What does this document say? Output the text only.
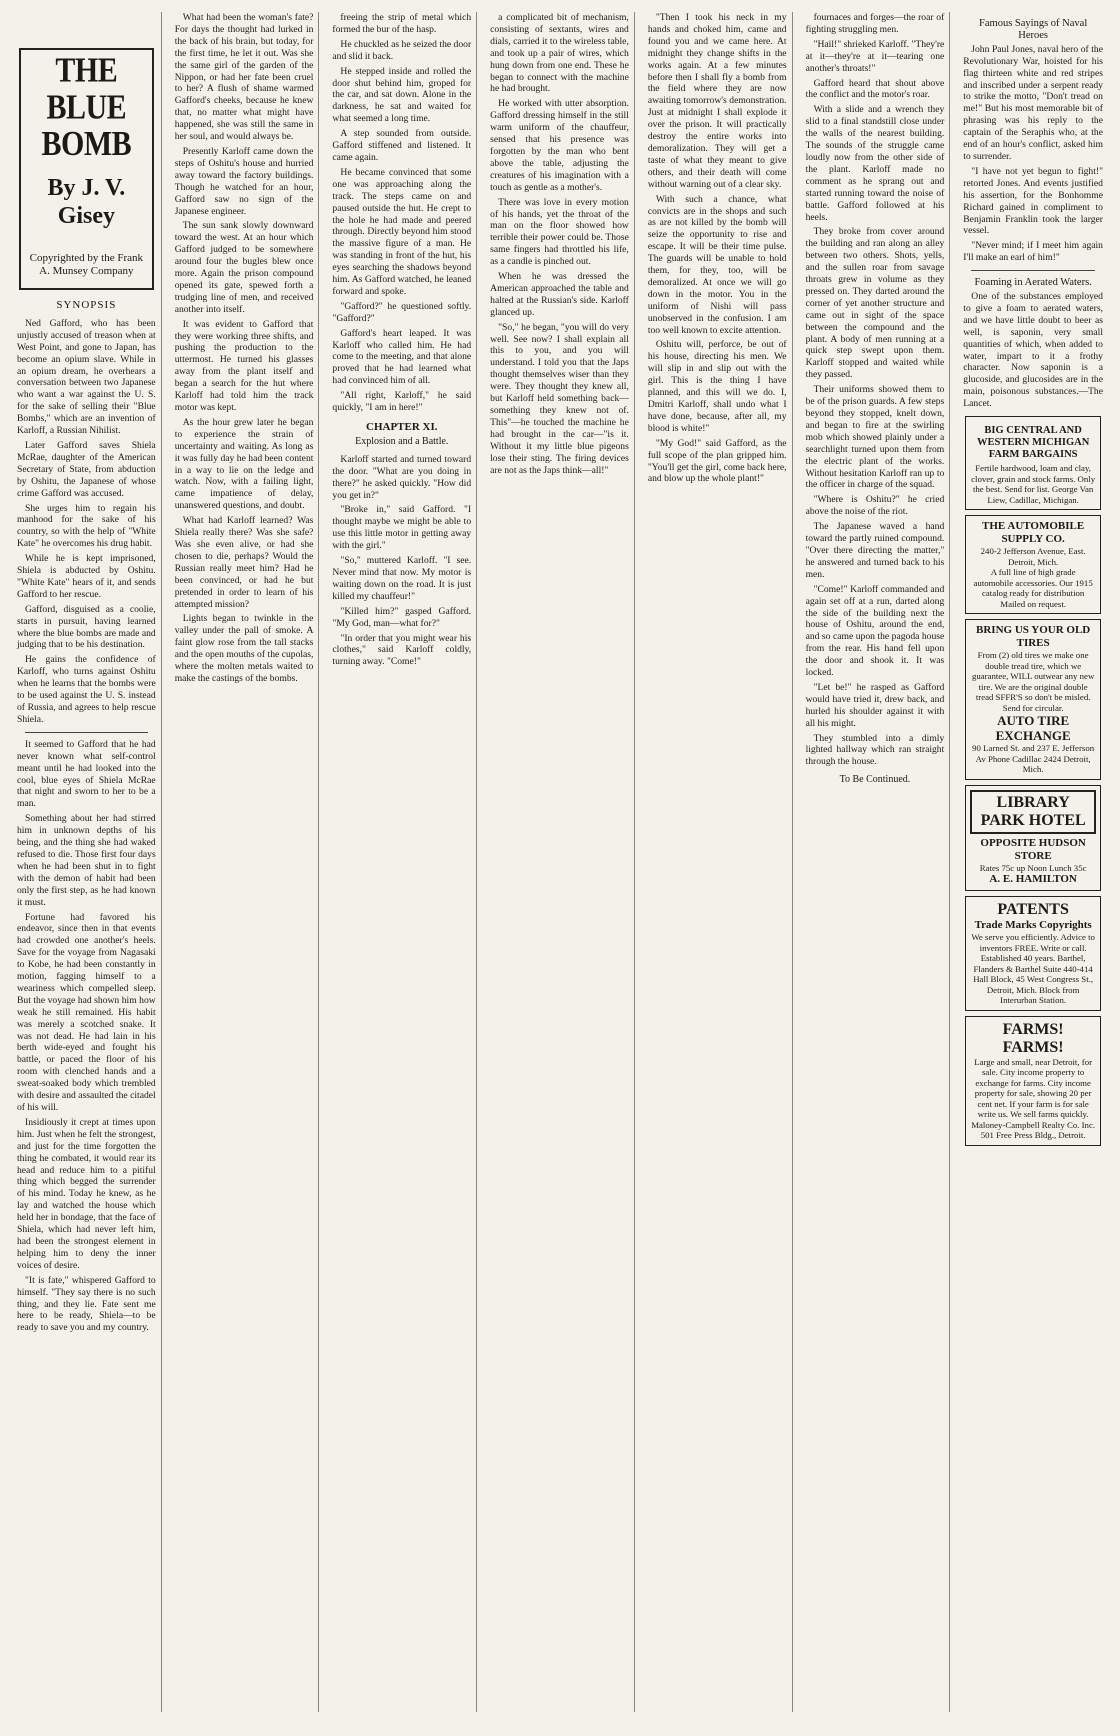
THE BLUE BOMB
By J. V. Gisey
Copyrighted by the Frank A. Munsey Company
SYNOPSIS

Ned Gafford, who has been unjustly accused of treason when at West Point, and gone to Japan, has become an opium slave. While in an opium dream, he overhears a conversation between two Japanese who want a war against the U. S. for the sake of selling their "Blue Bombs," which are an invention of Karloff, a Russian Nihilist.

Later Gafford saves Shiela McRae, daughter of the American Secretary of State, from abduction by Oshitu, the Japanese of whose crime Gafford was accused.

She urges him to regain his manhood for the sake of his country, so with the help of "White Kate" he overcomes his drug habit.

While he is kept imprisoned, Shiela is abducted by Oshitu. "White Kate" hears of it, and sends Gafford to her rescue.

Gafford, disguised as a coolie, starts in pursuit, having learned where the blue bombs are made and judging that to be his destination.

He gains the confidence of Karloff, who turns against Oshitu when he learns that the bombs were to be used against the U. S. instead of Russia, and agrees to help rescue Shiela.

It seemed to Gafford that he had never known what self-control meant until he had looked into the cool, blue eyes of Shiela McRae that night and sworn to her to be a man.

Something about her had stirred him in unknown depths of his being, and the thing she had waked refused to die. Those first four days when he had been shut in to fight with the demon of habit had been only the first step, as he had known it must.

Fortune had favored his endeavor, since then in that events had crowded one another's heels. Save for the voyage from Nagasaki to Kobe, he had been constantly in motion, fagging himself to a weariness which compelled sleep. But the voyage had shown him how weak he still remained. His habit was merely a scotched snake. It was not dead. He had lain in his berth wide-eyed and fought his battle, or paced the floor of his room with clenched hands and a sweat-soaked body which trembled with desire and assaulted the citadel of his will.

Insidiously it crept at times upon him. Just when he felt the strongest, and just for the time forgotten the thing he combated, it would rear its head and reduce him to a pitiful thing which begged the surrender of his mind. Today he knew, as he lay and watched the house which held her in bondage, that the face of Shiela, which had never left him, had been the strongest element in helping him to deny the inner voices of desire.

"It is fate," whispered Gafford to himself. "They say there is no such thing, and they lie. Fate sent me here to be ready, Shiela—to be ready to save you and my country.

What had been the woman's fate? For days the thought had lurked in the back of his brain, but today, for the first time, he let it out. Was she the same girl of the garden of the Nippon, or had her fate been cruel to her? A flush of shame warmed Gafford's cheeks, because he knew that, no matter what might have happened, she was still the same in her soul, and would always be.

Presently Karloff came down the steps of Oshitu's house and hurried away toward the factory buildings. Though he watched for an hour, Gafford saw no sign of the Japanese engineer.

The sun sank slowly downward toward the west. At an hour which Gafford judged to be somewhere around four the bugles blew once more. Again the prison compound opened its gate, spewed forth a trudging line of men, and received another into itself.

It was evident to Gafford that they were working three shifts, and pushing the production to the uttermost. He turned his glasses away from the plant itself and began a search for the hut where Karloff had told him the track motor was kept.

As the hour grew later he began to experience the strain of uncertainty and waiting. As long as it was fully day he had been content in a way to lie on the ledge and watch. Now, with a failing light, came impatience of delay, unanswered questions, and doubt.

What had Karloff learned? Was Shiela really there? Was she safe? Was she even alive, or had she chosen to die, perhaps? Would the Russian really meet him? Had he been convinced, or had he but pretended in order to learn of his attempted mission?

Lights began to twinkle in the valley under the pall of smoke. A faint glow rose from the tall stacks and the open mouths of the cupolas, where the molten metals waited to make the castings of the bombs.

freeing the strip of metal which formed the bur of the hasp.

He chuckled as he seized the door and slid it back.

He stepped inside and rolled the door shut behind him, groped for the car, and sat down. Alone in the darkness, he sat and waited for what seemed a long time.

A step sounded from outside. Gafford stiffened and listened. It came again.

He became convinced that some one was approaching along the track. The steps came on and paused outside the hut. He crept to the hole he had made and peered through. Directly beyond him stood the massive figure of a man. He was standing in front of the hut, his eyes searching the shadows beyond him. As Gafford watched, he leaned forward and spoke.

"Gafford?" he questioned softly. "Gafford?"

Gafford's heart leaped. It was Karloff who called him. He had come to the meeting, and that alone proved that he had learned what had convinced him of all.

"All right, Karloff," he said quickly, "I am in here!"

CHAPTER XI.
Explosion and a Battle.

Karloff started and turned toward the door. "What are you doing in there?" he asked quickly. "How did you get in?"

"Broke in," said Gafford. "I thought maybe we might be able to use this little motor in getting away with the girl."

"So," muttered Karloff. "I see. Never mind that now. My motor is waiting down on the road. It is just killed my chauffeur!"

"Killed him?" gasped Gafford. "My God, man—what for?"

"In order that you might wear his clothes," said Karloff coldly, turning away. "Come!"

a complicated bit of mechanism, consisting of sextants, wires and dials, carried it to the wireless table, and took up a pair of wires, which hung down from one end. These he began to connect with the machine he had brought.

He worked with utter absorption. Gafford dressing himself in the still warm uniform of the chauffeur, sensed that his presence was forgotten by the man who bent above the table, adjusting the creatures of his imagination with a touch as gentle as a mother's.

There was love in every motion of his hands, yet the throat of the man on the floor showed how terrible their power could be. Those same fingers had throttled his life, as a candle is pinched out.

When he was dressed the American approached the table and halted at the Russian's side. Karloff glanced up.

"So," he began, "you will do very well. See now? I shall explain all this to you, and you will understand. I told you that the Japs thought themselves wiser than they were. They thought they knew all, but Karloff held something back—something they knew not of. This"—he touched the machine he had brought in the car—"is it. Without it my little blue pigeons lose their sting. The firing devices are not as the Japs think—all!"

"Then I took his neck in my hands and choked him, came and found you and we came here. At midnight they change shifts in the works again. At a few minutes before then I shall fly a bomb from the field where they are now awaiting tomorrow's demonstration. Just at midnight I shall explode it over the prison. It will practically destroy the entire works into demoralization. They will get a taste of what they meant to give others, and their death will come without warning out of a clear sky.

With such a chance, what convicts are in the shops and such as are not killed by the bomb will seize the opportunity to rise and escape. It will be their time pulse. The guards will be unable to hold them, for they, too, will be demoralized. At once we will go down in the motor. You in the uniform of Nishi will pass unobserved in the confusion. I am too well known to excite attention.

Oshitu will, perforce, be out of his house, directing his men. We will slip in and slip out with the girl. This is the thing I have planned, and this will we do. I, Dmitri Karloff, shall undo what I have done, because, after all, my blood is white!"

"My God!" said Gafford, as the full scope of the plan gripped him. "You'll get the girl, come back here, and blow up the whole plant!"

fournaces and forges—the roar of fighting struggling men.

"Hail!" shrieked Karloff. "They're at it—they're at it—tearing one another's throats!"

Gafford heard that shout above the conflict and the motor's roar.

With a slide and a wrench they slid to a final standstill close under the walls of the nearest building. The sounds of the struggle came loudly now from the other side of the plant. Karloff made no comment as he sprang out and started running toward the noise of battle. Gafford followed at his heels.

They broke from cover around the building and ran along an alley between two others. Shots, yells, and the sullen roar from savage throats grew in volume as they pressed on. They darted around the corner of yet another structure and came out in sight of the space between the compound and the plant. A body of men running at a quick step swept upon them. Karloff stopped and waited while they passed.

Their uniforms showed them to be of the prison guards. A few steps beyond they stopped, knelt down, and began to fire at the swirling mob which showed plainly under a searchlight turned upon them from the electric plant of the works. Without hesitation Karloff ran up to the officer in charge of the squad.

"Where is Oshitu?" he cried above the noise of the riot.

The Japanese waved a hand toward the partly ruined compound. "Over there directing the matter," he answered and turned back to his men.

"Come!" Karloff commanded and again set off at a run, darted along the side of the building next the house of Oshitu, around the end, and so came upon the pagoda house from the rear. His hand fell upon the door and shook it. It was locked.

"Let be!" he rasped as Gafford would have tried it, drew back, and hurled his shoulder against it with all his might.

They stumbled into a dimly lighted hallway which ran straight through the house.

To Be Continued.
Famous Sayings of Naval Heroes

John Paul Jones, naval hero of the Revolutionary War, hoisted for his flag thirteen white and red stripes and inscribed under a serpent ready to strike the motto, "Don't tread on me!" But his most memorable bit of phrasing was his reply to the captain of the Seraphis who, at the end of an hour's conflict, asked him to surrender.

"I have not yet begun to fight!" retorted Jones. And events justified his assertion, for the Bonhomme Richard gained in compliment to Benjamin Franklin took the larger vessel.

"Never mind; if I meet him again I'll make an earl of him!"

Foaming in Aerated Waters.

One of the substances employed to give a foam to aerated waters, and we have little doubt to beer as well, is saponin, very small quantities of which, when added to water, impart to it a frothy character. Now saponin is a glucoside, and glucosides are in the main, poisonous substances.—The Lancet.

BIG CENTRAL AND WESTERN MICHIGAN FARM BARGAINS
Fertile hardwood, loam and clay, clover, grain and stock farms. Only the best. Send for list. George Van Liew, Cadillac, Michigan.
THE AUTOMOBILE SUPPLY CO.
240-2 Jefferson Avenue, East. Detroit, Mich.
A full line of high grade automobile accessories. Our 1915 catalog ready for distribution Mailed on request.
BRING US YOUR OLD TIRES
From (2) old tires we make one double tread tire, which we guarantee, WILL outwear any new tire. We are the original double tread SFFR'S so don't be misled. Send for circular.
AUTO TIRE EXCHANGE
90 Larned St. and 237 E. Jefferson Av Phone Cadillac 2424 Detroit, Mich.
LIBRARY PARK HOTEL
OPPOSITE HUDSON STORE
Rates 75c up Noon Lunch 35c
A. E. HAMILTON
PATENTS
Trade Marks Copyrights
We serve you efficiently. Advice to inventors FREE. Write or call. Established 40 years. Barthel, Flanders & Barthel Suite 440-414 Hall Block, 45 West Congress St., Detroit, Mich. Block from Interurban Station.
FARMS! FARMS!
Large and small, near Detroit, for sale. City income property to exchange for farms. City income property for sale, showing 20 per cent net. If your farm is for sale write us. We sell farms quickly. Maloney-Campbell Realty Co. Inc. 501 Free Press Bldg., Detroit.
